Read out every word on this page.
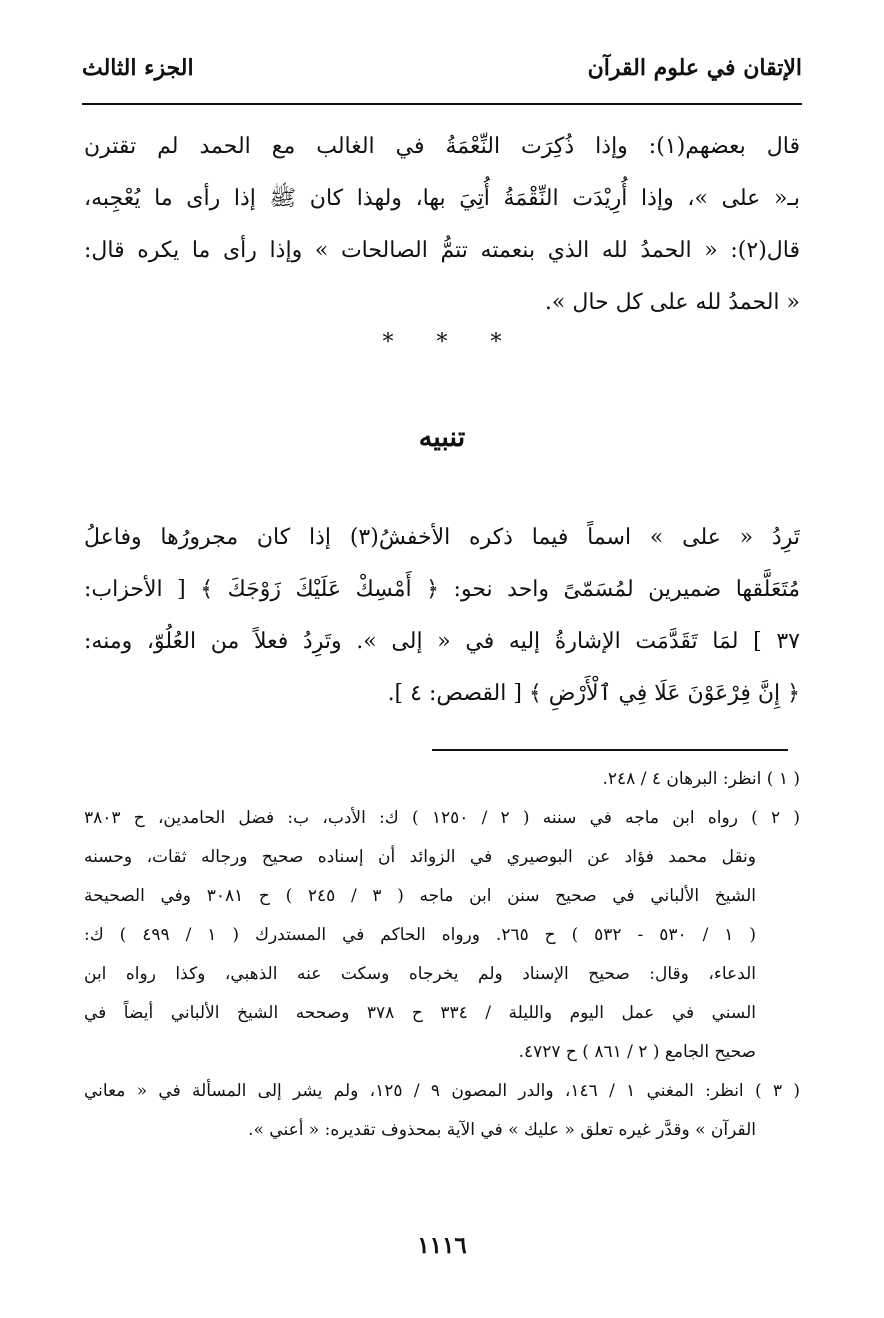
الإتقان في علوم القرآن
الجزء الثالث
قال بعضهم(١): وإذا ذُكِرَت النِّعْمَةُ في الغالب مع الحمد لم تقترن
بـ« على »، وإذا أُرِيْدَت النِّقْمَةُ أُتِيَ بها، ولهذا كان ﷺ إذا رأى ما يُعْجِبه،
قال(٢): « الحمدُ لله الذي بنعمته تتمُّ الصالحات » وإذا رأى ما يكره قال:
« الحمدُ لله على كل حال ».
* * *
تنبيه
تَرِدُ « على » اسماً فيما ذكره الأخفشُ(٣) إذا كان مجرورُها وفاعلُ
مُتَعَلَّقها ضميرين لمُسَمّىً واحد نحو: ﴿ أَمْسِكْ عَلَيْكَ زَوْجَكَ ﴾ [ الأحزاب:
٣٧ ] لمَا تَقَدَّمَت الإشارةُ إليه في « إلى ». وتَرِدُ فعلاً من العُلُوّ، ومنه:
﴿ إِنَّ فِرْعَوْنَ عَلَا فِي ٱلْأَرْضِ ﴾ [ القصص: ٤ ].
( ١ ) انظر: البرهان ٤ / ٢٤٨.
( ٢ ) رواه ابن ماجه في سننه ( ٢ / ١٢٥٠ ) ك: الأدب، ب: فضل الحامدين، ح ٣٨٠٣
ونقل محمد فؤاد عن البوصيري في الزوائد أن إسناده صحيح ورجاله ثقات، وحسنه
الشيخ الألباني في صحيح سنن ابن ماجه ( ٣ / ٢٤٥ ) ح ٣٠٨١ وفي الصحيحة
( ١ / ٥٣٠ - ٥٣٢ ) ح ٢٦٥. ورواه الحاكم في المستدرك ( ١ / ٤٩٩ ) ك:
الدعاء، وقال: صحيح الإسناد ولم يخرجاه وسكت عنه الذهبي، وكذا رواه ابن
السني في عمل اليوم والليلة / ٣٣٤ ح ٣٧٨ وصححه الشيخ الألباني أيضاً في
صحيح الجامع ( ٢ / ٨٦١ ) ح ٤٧٢٧.
( ٣ ) انظر: المغني ١ / ١٤٦، والدر المصون ٩ / ١٢٥، ولم يشر إلى المسألة في « معاني
القرآن » وقدَّر غيره تعلق « عليك » في الآية بمحذوف تقديره: « أعني ».
١١١٦
